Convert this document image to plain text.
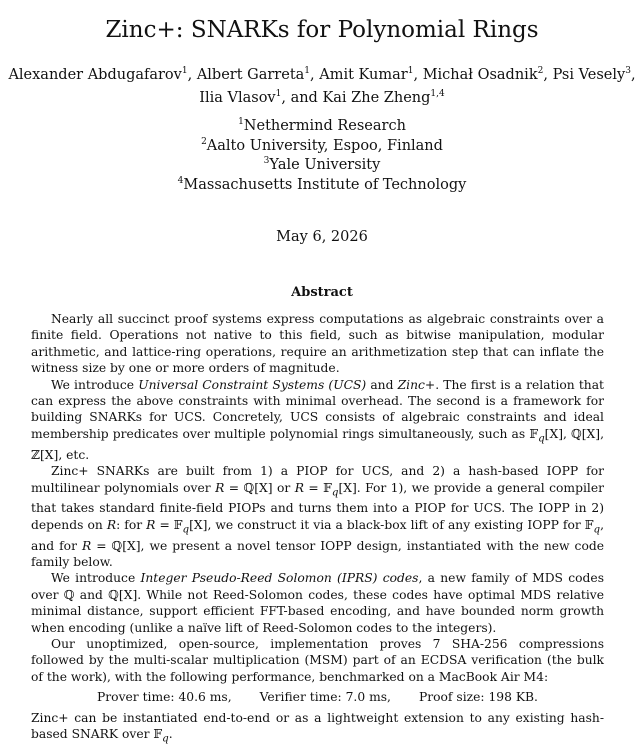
Zinc+: SNARKs for Polynomial Rings
Alexander Abdugafarov$^1$, Albert Garreta$^1$, Amit Kumar$^1$, Michał Osadnik$^2$, Psi Vesely$^3$,
Ilia Vlasov$^1$, and Kai Zhe Zheng$^{1,4}$
$^1$Nethermind Research
$^2$Aalto University, Espoo, Finland
$^3$Yale University
$^4$Massachusetts Institute of Technology
May 6, 2026
Abstract

Nearly all succinct proof systems express computations as algebraic constraints over a finite field. Operations not native to this field, such as bitwise manipulation, modular arithmetic, and lattice-ring operations, require an arithmetization step that can inflate the witness size by one or more orders of magnitude.

We introduce Universal Constraint Systems (UCS) and Zinc+. The first is a relation that can express the above constraints with minimal overhead. The second is a framework for building SNARKs for UCS. Concretely, UCS consists of algebraic constraints and ideal membership predicates over multiple polynomial rings simultaneously, such as 𝔽$_q$[X], ℚ[X], ℤ[X], etc.

Zinc+ SNARKs are built from 1) a PIOP for UCS, and 2) a hash-based IOPP for multilinear polynomials over R = ℚ[X] or R = 𝔽$_q$[X]. For 1), we provide a general compiler that takes standard finite-field PIOPs and turns them into a PIOP for UCS. The IOPP in 2) depends on R: for R = 𝔽$_q$[X], we construct it via a black-box lift of any existing IOPP for 𝔽$_q$, and for R = ℚ[X], we present a novel tensor IOPP design, instantiated with the new code family below.

We introduce Integer Pseudo-Reed Solomon (IPRS) codes, a new family of MDS codes over ℚ and ℚ[X]. While not Reed-Solomon codes, these codes have optimal MDS relative minimal distance, support efficient FFT-based encoding, and have bounded norm growth when encoding (unlike a naïve lift of Reed-Solomon codes to the integers).

Our unoptimized, open-source, implementation proves 7 SHA-256 compressions followed by the multi-scalar multiplication (MSM) part of an ECDSA verification (the bulk of the work), with the following performance, benchmarked on a MacBook Air M4:

Prover time: 40.6 ms, Verifier time: 7.0 ms, Proof size: 198 KB.

Zinc+ can be instantiated end-to-end or as a lightweight extension to any existing hash-based SNARK over 𝔽$_q$.
